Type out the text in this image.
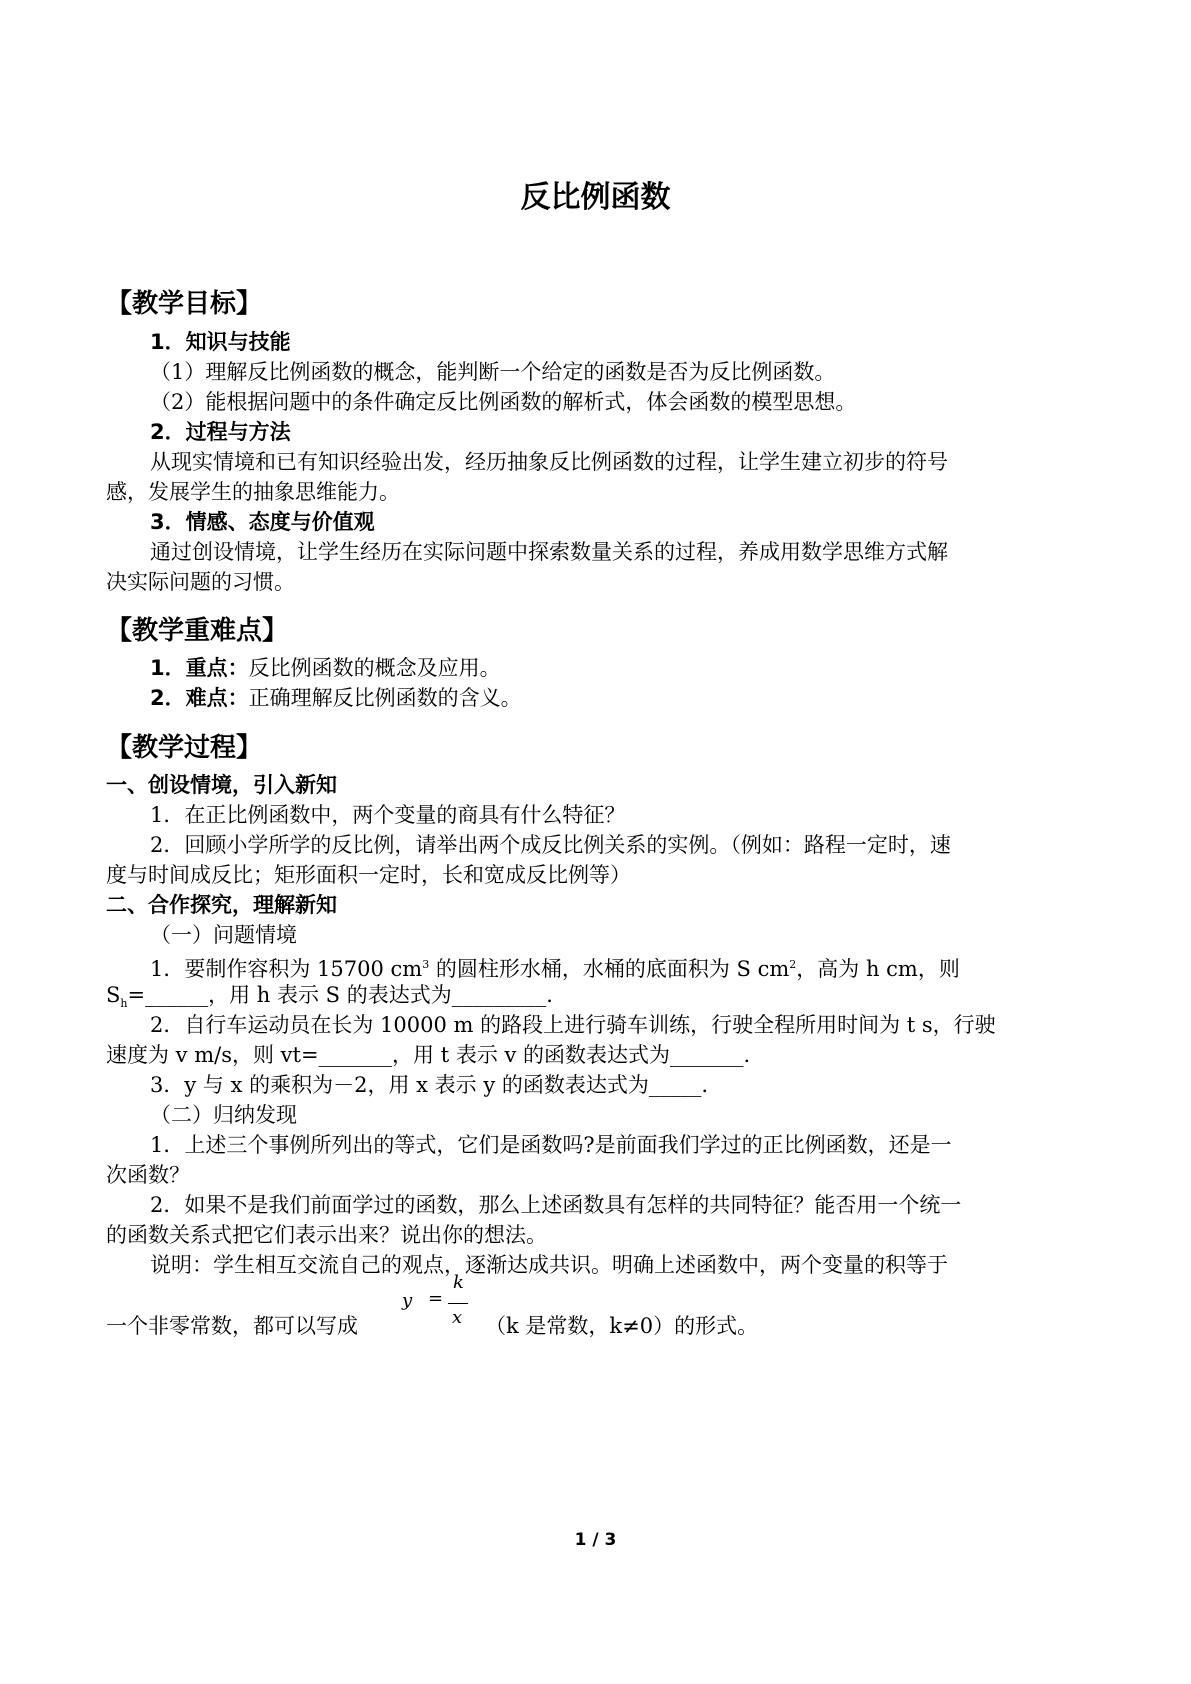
反比例函数
【教学目标】
1．知识与技能
（1）理解反比例函数的概念，能判断一个给定的函数是否为反比例函数。
（2）能根据问题中的条件确定反比例函数的解析式，体会函数的模型思想。
2．过程与方法
从现实情境和已有知识经验出发，经历抽象反比例函数的过程，让学生建立初步的符号
感，发展学生的抽象思维能力。
3．情感、态度与价值观
通过创设情境，让学生经历在实际问题中探索数量关系的过程，养成用数学思维方式解
决实际问题的习惯。
【教学重难点】
1．重点：反比例函数的概念及应用。
2．难点：正确理解反比例函数的含义。
【教学过程】
一、创设情境，引入新知
1．在正比例函数中，两个变量的商具有什么特征？
2．回顾小学所学的反比例，请举出两个成反比例关系的实例。（例如：路程一定时，速
度与时间成反比；矩形面积一定时，长和宽成反比例等）
二、合作探究，理解新知
（一）问题情境
1．要制作容积为 15700 $cm^3$ 的圆柱形水桶，水桶的底面积为 S $cm^2$，高为 h cm，则
$S_h=\_\_\_\_\_\_$，用 h 表示 S 的表达式为_________.
2．自行车运动员在长为 10000 m 的路段上进行骑车训练，行驶全程所用时间为 t s，行驶
速度为 v m/s，则 vt=_______，用 t 表示 v 的函数表达式为_______.
3．y 与 x 的乘积为－2，用 x 表示 y 的函数表达式为_____.
（二）归纳发现
1．上述三个事例所列出的等式，它们是函数吗?是前面我们学过的正比例函数，还是一
次函数？
2．如果不是我们前面学过的函数，那么上述函数具有怎样的共同特征？能否用一个统一
的函数关系式把它们表示出来？说出你的想法。
说明：学生相互交流自己的观点，逐渐达成共识。明确上述函数中，两个变量的积等于
一个非零常数，都可以写成
y =
k
x （k 是常数，k≠0）的形式。
1 / 3
